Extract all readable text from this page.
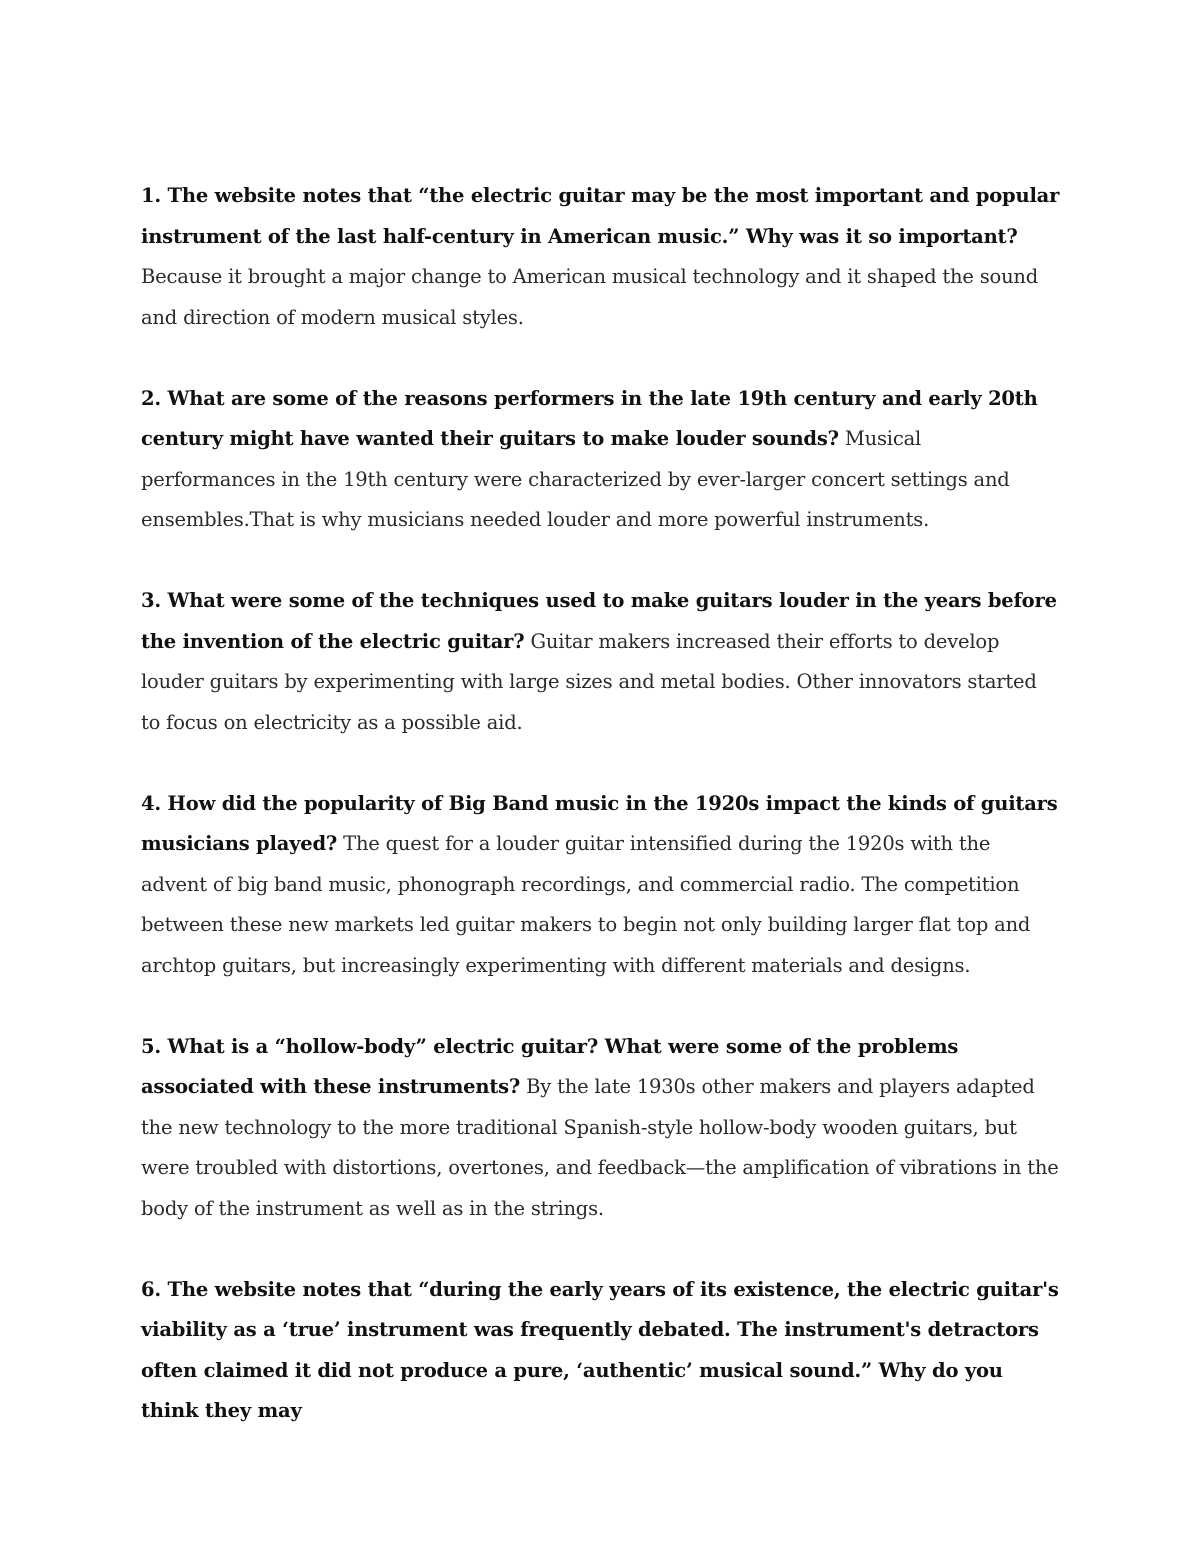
1. The website notes that “the electric guitar may be the most important and popular instrument of the last half-century in American music.” Why was it so important? Because it brought a major change to American musical technology and it shaped the sound and direction of modern musical styles.

2. What are some of the reasons performers in the late 19th century and early 20th century might have wanted their guitars to make louder sounds? Musical performances in the 19th century were characterized by ever-larger concert settings and ensembles.That is why musicians needed louder and more powerful instruments.

3. What were some of the techniques used to make guitars louder in the years before the invention of the electric guitar? Guitar makers increased their efforts to develop louder guitars by experimenting with large sizes and metal bodies. Other innovators started to focus on electricity as a possible aid.

4. How did the popularity of Big Band music in the 1920s impact the kinds of guitars musicians played? The quest for a louder guitar intensified during the 1920s with the advent of big band music, phonograph recordings, and commercial radio. The competition between these new markets led guitar makers to begin not only building larger flat top and archtop guitars, but increasingly experimenting with different materials and designs.

5. What is a “hollow-body” electric guitar? What were some of the problems associated with these instruments? By the late 1930s other makers and players adapted the new technology to the more traditional Spanish-style hollow-body wooden guitars, but were troubled with distortions, overtones, and feedback—the amplification of vibrations in the body of the instrument as well as in the strings.

6. The website notes that “during the early years of its existence, the electric guitar's viability as a ‘true’ instrument was frequently debated. The instrument's detractors often claimed it did not produce a pure, ‘authentic’ musical sound.” Why do you think they may
